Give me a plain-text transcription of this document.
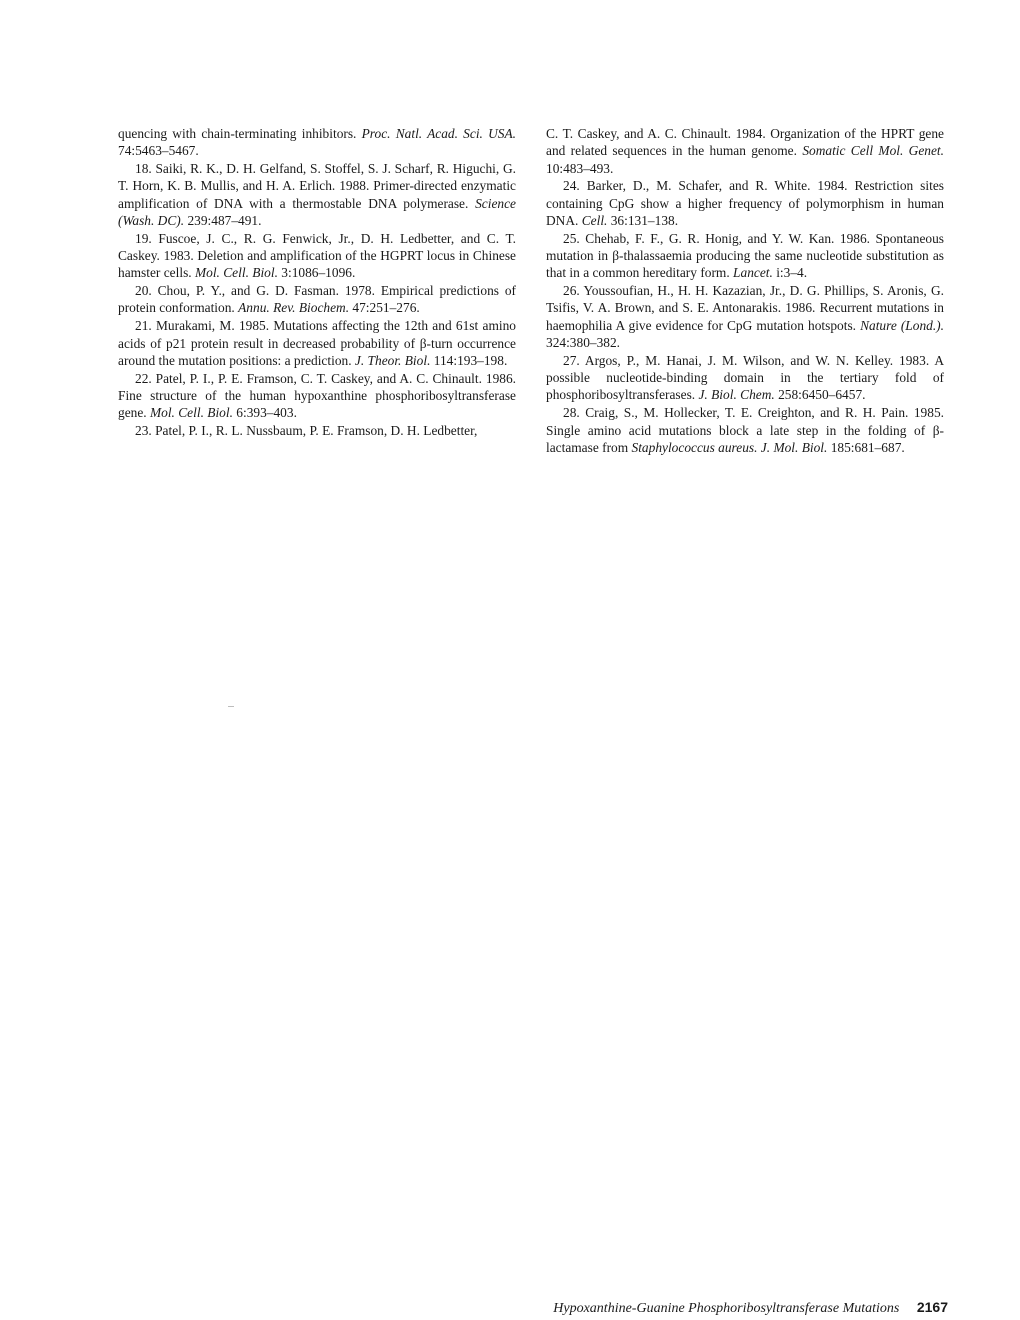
quencing with chain-terminating inhibitors. Proc. Natl. Acad. Sci. USA. 74:5463–5467.

18. Saiki, R. K., D. H. Gelfand, S. Stoffel, S. J. Scharf, R. Higuchi, G. T. Horn, K. B. Mullis, and H. A. Erlich. 1988. Primer-directed enzymatic amplification of DNA with a thermostable DNA polymerase. Science (Wash. DC). 239:487–491.

19. Fuscoe, J. C., R. G. Fenwick, Jr., D. H. Ledbetter, and C. T. Caskey. 1983. Deletion and amplification of the HGPRT locus in Chinese hamster cells. Mol. Cell. Biol. 3:1086–1096.

20. Chou, P. Y., and G. D. Fasman. 1978. Empirical predictions of protein conformation. Annu. Rev. Biochem. 47:251–276.

21. Murakami, M. 1985. Mutations affecting the 12th and 61st amino acids of p21 protein result in decreased probability of β-turn occurrence around the mutation positions: a prediction. J. Theor. Biol. 114:193–198.

22. Patel, P. I., P. E. Framson, C. T. Caskey, and A. C. Chinault. 1986. Fine structure of the human hypoxanthine phosphoribosyltransferase gene. Mol. Cell. Biol. 6:393–403.

23. Patel, P. I., R. L. Nussbaum, P. E. Framson, D. H. Ledbetter,

C. T. Caskey, and A. C. Chinault. 1984. Organization of the HPRT gene and related sequences in the human genome. Somatic Cell Mol. Genet. 10:483–493.

24. Barker, D., M. Schafer, and R. White. 1984. Restriction sites containing CpG show a higher frequency of polymorphism in human DNA. Cell. 36:131–138.

25. Chehab, F. F., G. R. Honig, and Y. W. Kan. 1986. Spontaneous mutation in β-thalassaemia producing the same nucleotide substitution as that in a common hereditary form. Lancet. i:3–4.

26. Youssoufian, H., H. H. Kazazian, Jr., D. G. Phillips, S. Aronis, G. Tsifis, V. A. Brown, and S. E. Antonarakis. 1986. Recurrent mutations in haemophilia A give evidence for CpG mutation hotspots. Nature (Lond.). 324:380–382.

27. Argos, P., M. Hanai, J. M. Wilson, and W. N. Kelley. 1983. A possible nucleotide-binding domain in the tertiary fold of phosphoribosyltransferases. J. Biol. Chem. 258:6450–6457.

28. Craig, S., M. Hollecker, T. E. Creighton, and R. H. Pain. 1985. Single amino acid mutations block a late step in the folding of β-lactamase from Staphylococcus aureus. J. Mol. Biol. 185:681–687.

Hypoxanthine-Guanine Phosphoribosyltransferase Mutations 2167
